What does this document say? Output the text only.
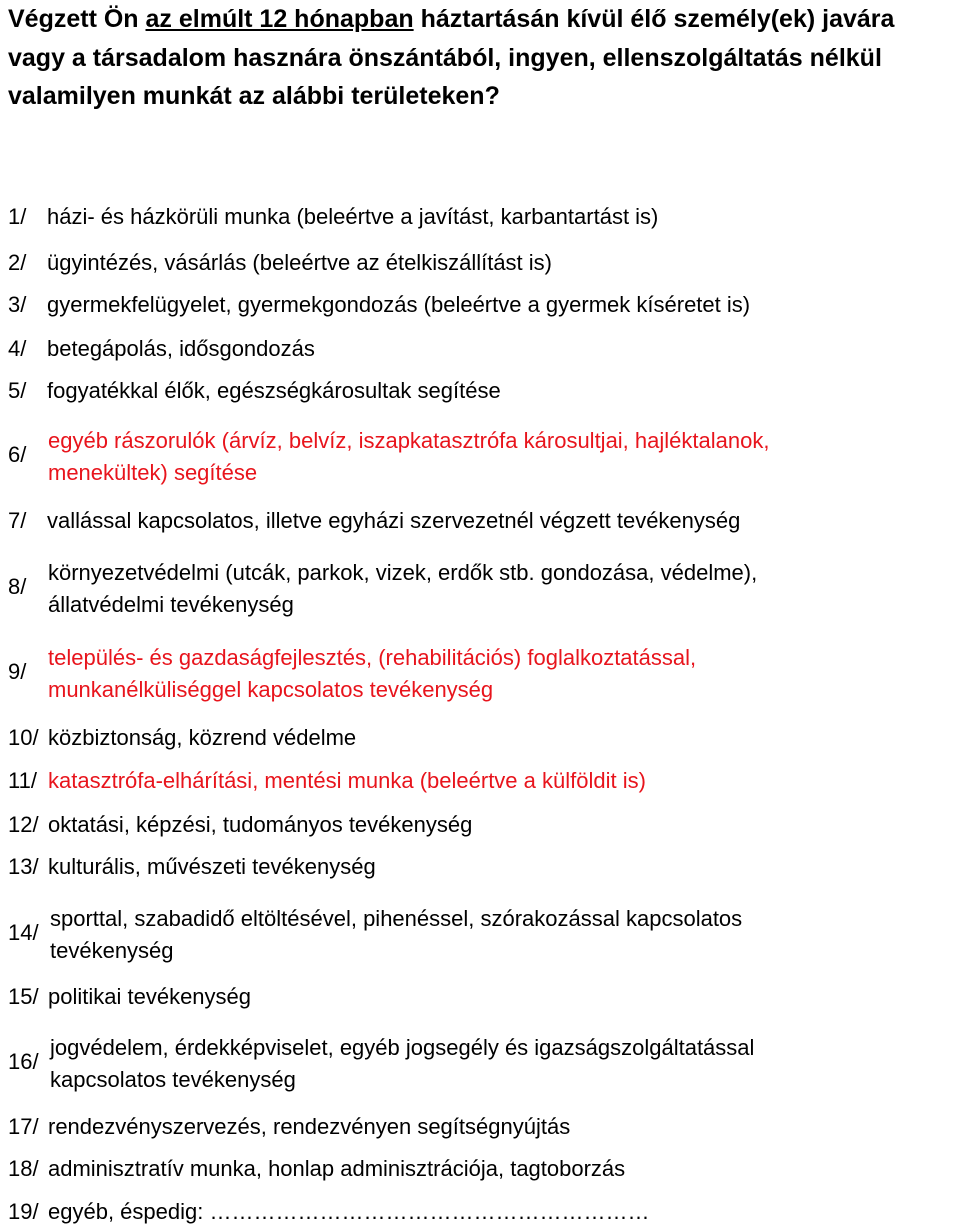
Végzett Ön az elmúlt 12 hónapban háztartásán kívül élő személy(ek) javára vagy a társadalom hasznára önszántából, ingyen, ellenszolgáltatás nélkül valamilyen munkát az alábbi területeken?

1/ házi- és házkörüli munka (beleértve a javítást, karbantartást is)
2/ ügyintézés, vásárlás (beleértve az ételkiszállítást is)
3/ gyermekfelügyelet, gyermekgondozás (beleértve a gyermek kíséretet is)
4/ betegápolás, idősgondozás
5/ fogyatékkal élők, egészségkárosultak segítése
6/
egyéb rászorulók (árvíz, belvíz, iszapkatasztrófa károsultjai, hajléktalanok,
menekültek) segítése
7/ vallással kapcsolatos, illetve egyházi szervezetnél végzett tevékenység
8/
környezetvédelmi (utcák, parkok, vizek, erdők stb. gondozása, védelme),
állatvédelmi tevékenység
9/
település- és gazdaságfejlesztés, (rehabilitációs) foglalkoztatással,
munkanélküliséggel kapcsolatos tevékenység
10/ közbiztonság, közrend védelme
11/ katasztrófa-elhárítási, mentési munka (beleértve a külföldit is)
12/ oktatási, képzési, tudományos tevékenység
13/ kulturális, művészeti tevékenység
14/
sporttal, szabadidő eltöltésével, pihenéssel, szórakozással kapcsolatos
tevékenység
15/ politikai tevékenység
16/
jogvédelem, érdekképviselet, egyéb jogsegély és igazságszolgáltatással
kapcsolatos tevékenység
17/ rendezvényszervezés, rendezvényen segítségnyújtás
18/ adminisztratív munka, honlap adminisztrációja, tagtoborzás
19/ egyéb, éspedig: ……………………………………………………
